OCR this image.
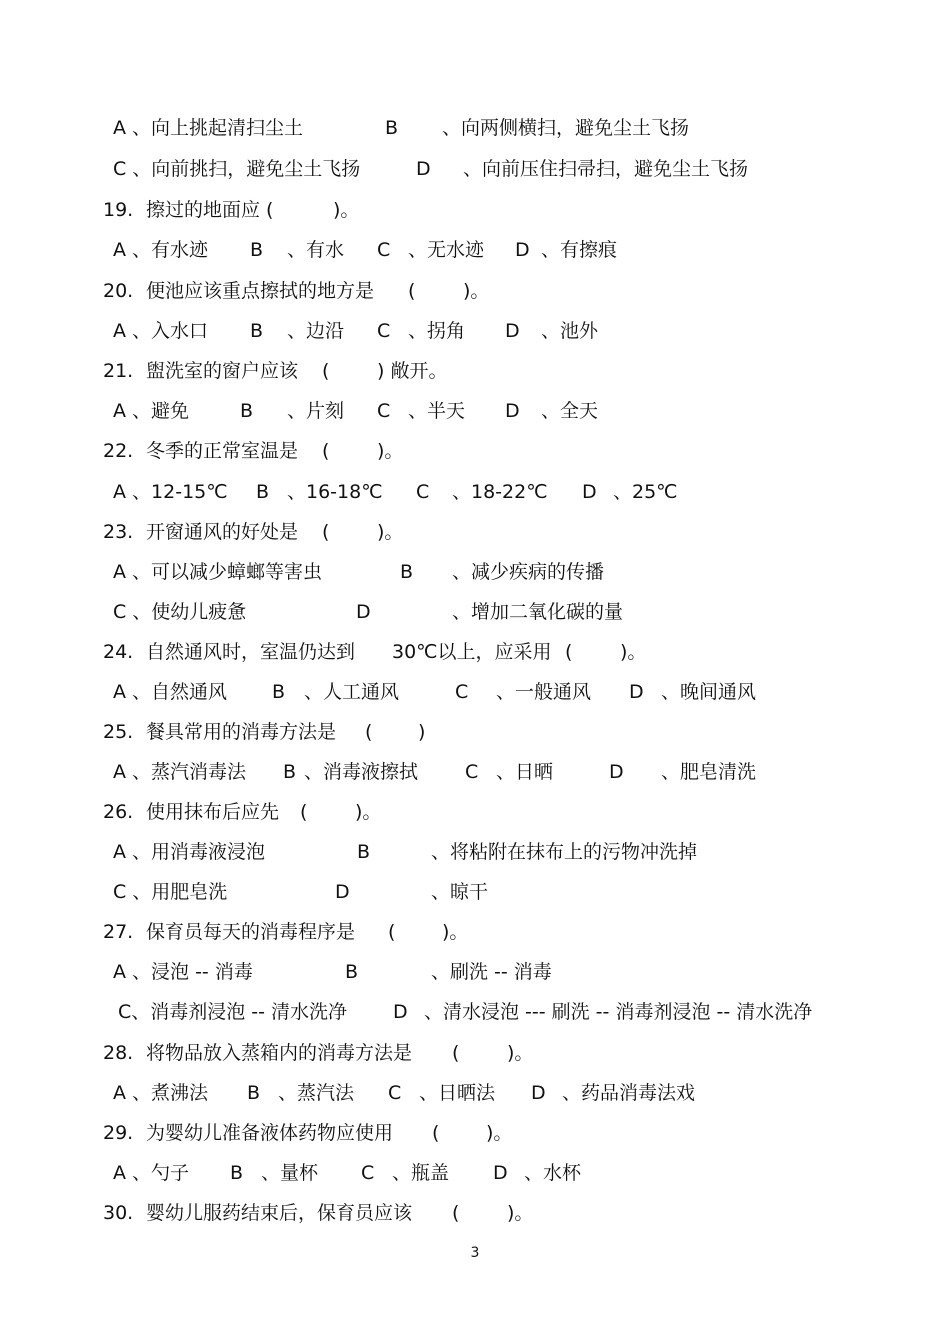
A 、向上挑起清扫尘土	B 、向两侧横扫，避免尘土飞扬
C 、向前挑扫，避免尘土飞扬	D 、向前压住扫帚扫，避免尘土飞扬
19. 擦过的地面应 (	)。
A 、有水迹 B 、有水 C 、无水迹 D 、有擦痕
20. 便池应该重点擦拭的地方是 (	)。
A 、入水口 B 、边沿 C 、拐角 D 、池外
21. 盥洗室的窗户应该 (	) 敞开。
A 、避免	B 、片刻 C 、半天 D 、全天
22. 冬季的正常室温是 (	)。
A 、12-15℃ B 、16-18℃ C 、18-22℃ D 、25℃
23. 开窗通风的好处是 (	)。
A 、可以减少蟑螂等害虫	B 、减少疾病的传播
C 、使幼儿疲惫	D	、增加二氧化碳的量
24. 自然通风时，室温仍达到 30℃以上，应采用 (	)。
A 、自然通风 B 、人工通风	C 、一般通风 D 、晚间通风
25. 餐具常用的消毒方法是 ( )
A 、蒸汽消毒法 B 、消毒液擦拭 C 、日晒	D 、肥皂清洗
26. 使用抹布后应先 (	)。
A 、用消毒液浸泡	B	、将粘附在抹布上的污物冲洗掉
C 、用肥皂洗	D	、晾干
27. 保育员每天的消毒程序是 ( )。
A 、浸泡 -- 消毒	B	、刷洗 -- 消毒
C、消毒剂浸泡 -- 清水洗净 D 、清水浸泡 --- 刷洗 -- 消毒剂浸泡 -- 清水洗净
28. 将物品放入蒸箱内的消毒方法是 (	)。
A 、煮沸法 B 、蒸汽法 C 、日晒法 D 、药品消毒法戏
29. 为婴幼儿准备液体药物应使用 ( )。
A 、勺子 B 、量杯 C 、瓶盖 D 、水杯
30. 婴幼儿服药结束后，保育员应该 (	)。
3
